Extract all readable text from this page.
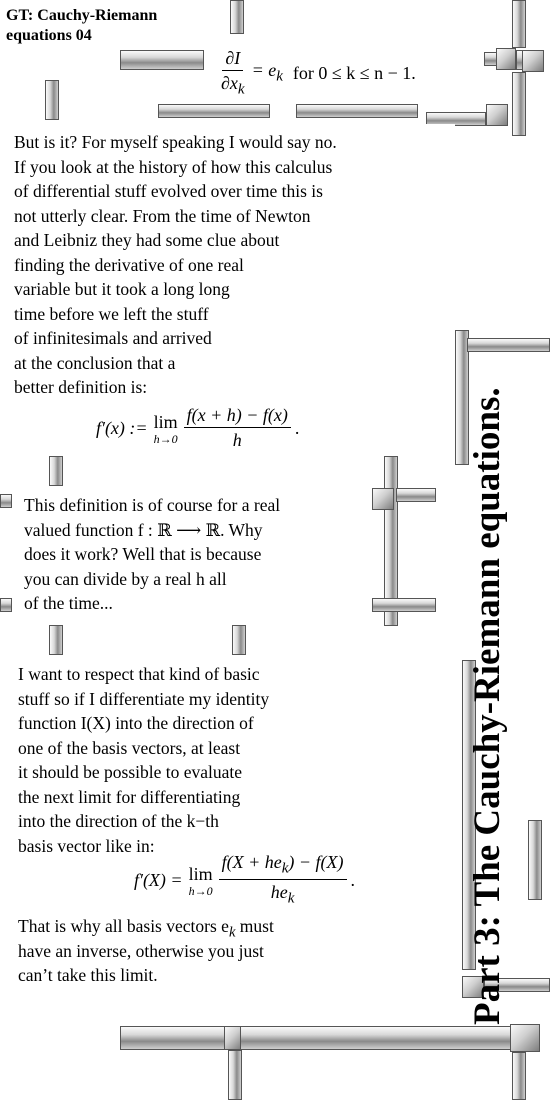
GT: Cauchy-Riemann
equations 04
$\frac{\partial I}{\partial x_k} = e_k$ for 0 ≤ k ≤ n − 1.
But is it? For myself speaking I would say no.
If you look at the history of how this calculus
of differential stuff evolved over time this is
not utterly clear. From the time of Newton
and Leibniz they had some clue about
finding the derivative of one real
variable but it took a long long
time before we left the stuff
of infinitesimals and arrived
at the conclusion that a
better definition is:
f′(x) := lim
$h\to 0 \frac{f(x + h) - f(x)}{h}$ .
This definition is of course for a real
valued function f : ℝ ⟶ ℝ. Why
does it work? Well that is because
you can divide by a real h all
of the time...
I want to respect that kind of basic
stuff so if I differentiate my identity
function I(X) into the direction of
one of the basis vectors, at least
it should be possible to evaluate
the next limit for differentiating
into the direction of the k−th
basis vector like in:
f′(X) = lim
$h\to 0 \frac{f(X + he_k) - f(X)}{he_k}$ .
That is why all basis vectors $e_k$ must
have an inverse, otherwise you just
can’t take this limit.	Part 3: The Cauchy-Riemann equations.
